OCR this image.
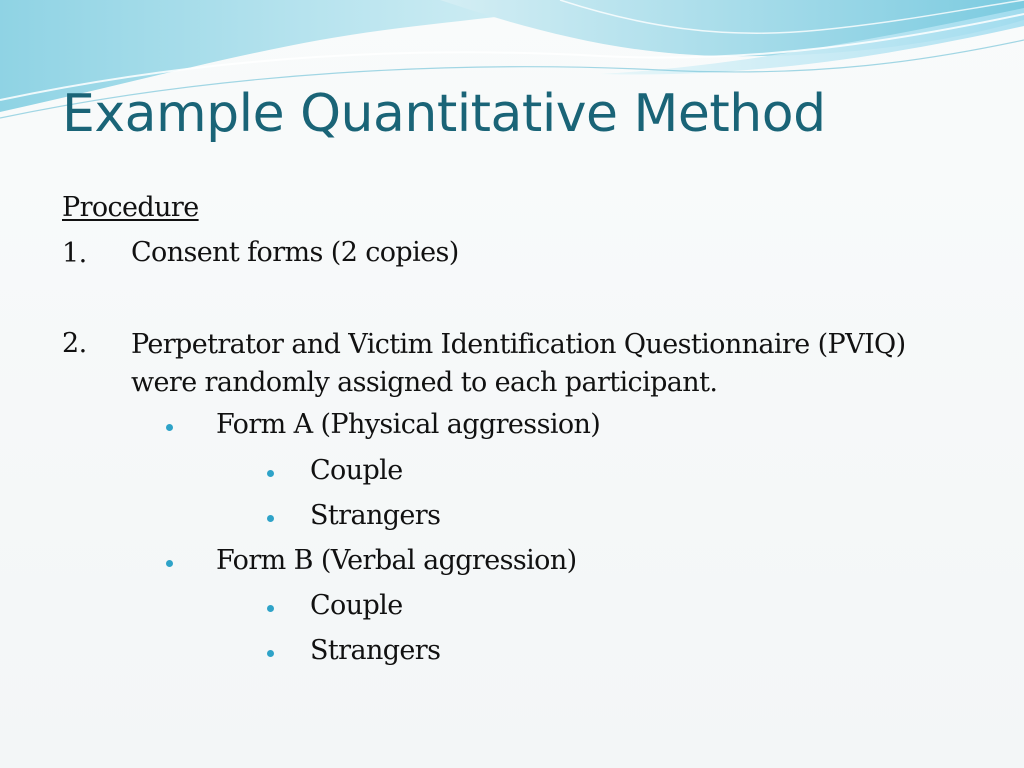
Example Quantitative Method
Procedure
1. Consent forms (2 copies)
2. Perpetrator and Victim Identification Questionnaire (PVIQ) were randomly assigned to each participant.
Form A (Physical aggression)
Couple
Strangers
Form B (Verbal aggression)
Couple
Strangers
